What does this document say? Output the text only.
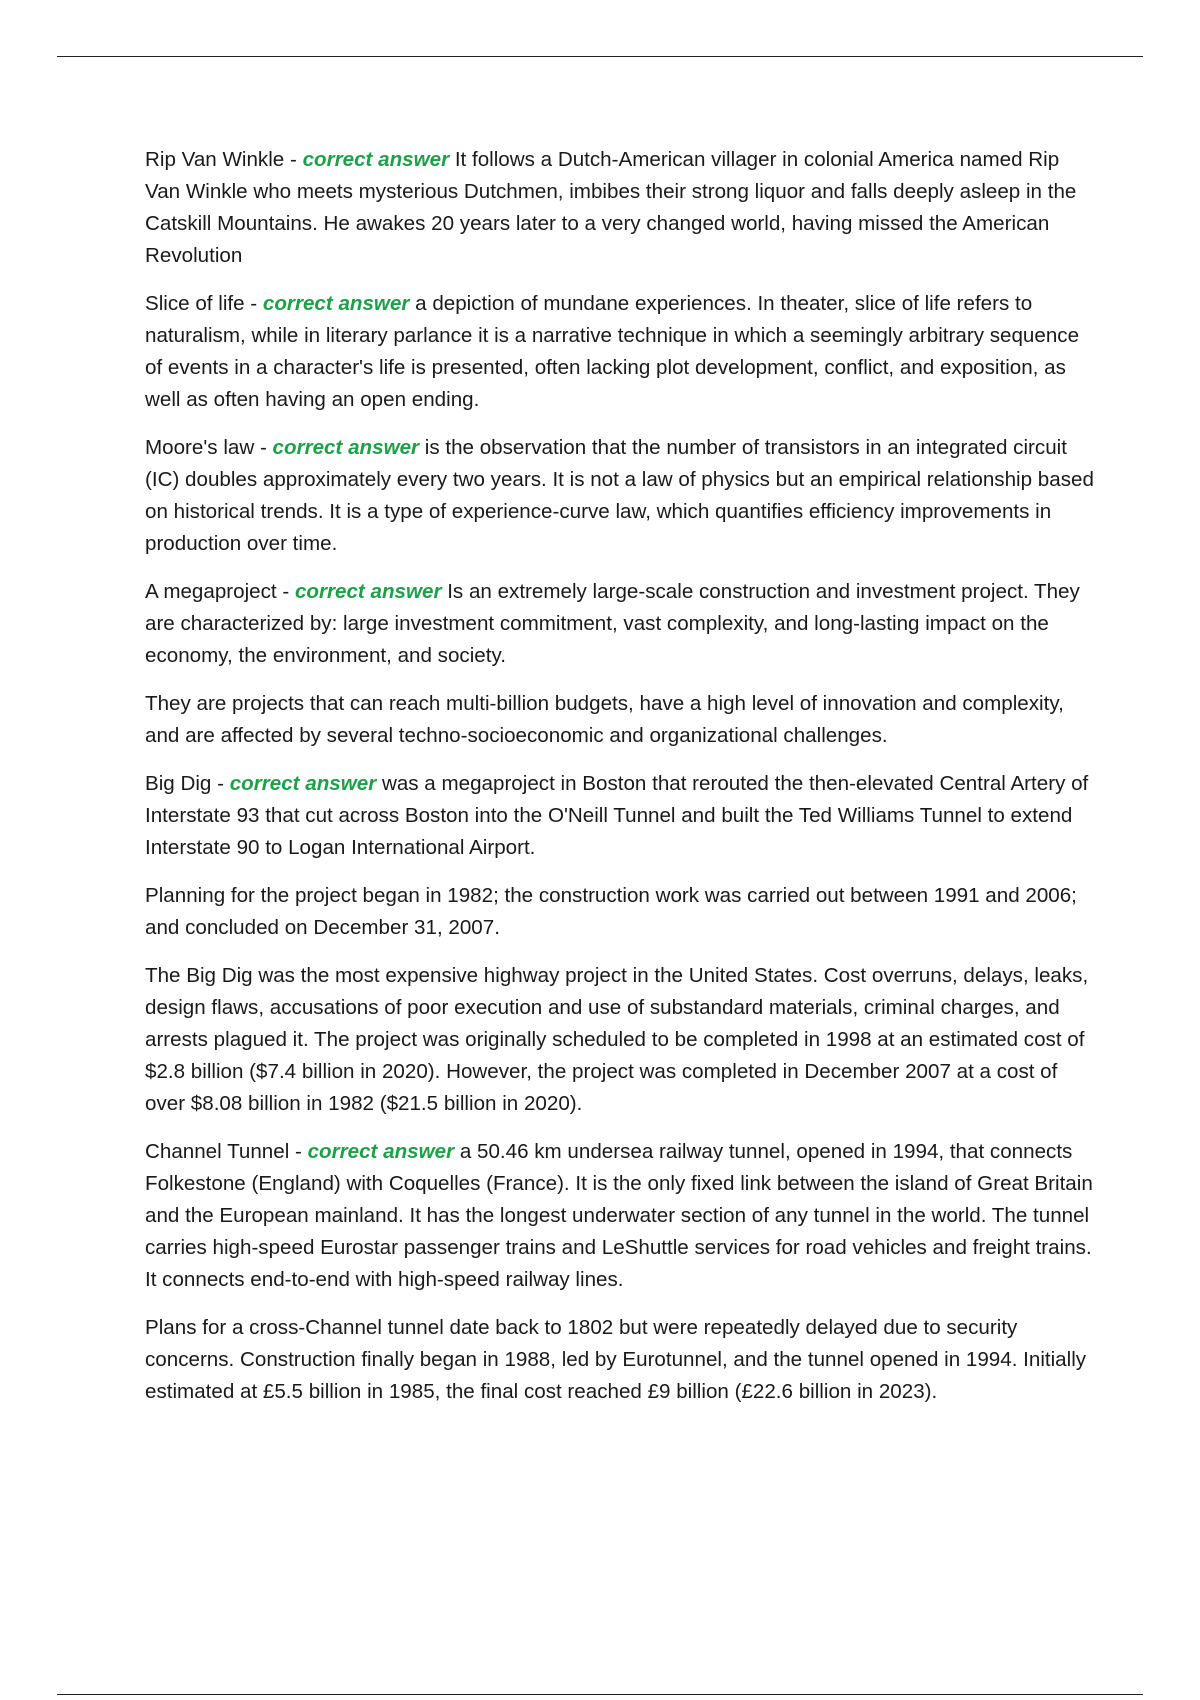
Rip Van Winkle - correct answer It follows a Dutch-American villager in colonial America named Rip Van Winkle who meets mysterious Dutchmen, imbibes their strong liquor and falls deeply asleep in the Catskill Mountains. He awakes 20 years later to a very changed world, having missed the American Revolution

Slice of life - correct answer a depiction of mundane experiences. In theater, slice of life refers to naturalism, while in literary parlance it is a narrative technique in which a seemingly arbitrary sequence of events in a character's life is presented, often lacking plot development, conflict, and exposition, as well as often having an open ending.

Moore's law - correct answer is the observation that the number of transistors in an integrated circuit (IC) doubles approximately every two years. It is not a law of physics but an empirical relationship based on historical trends. It is a type of experience-curve law, which quantifies efficiency improvements in production over time.

A megaproject - correct answer Is an extremely large-scale construction and investment project. They are characterized by: large investment commitment, vast complexity, and long-lasting impact on the economy, the environment, and society.

They are projects that can reach multi-billion budgets, have a high level of innovation and complexity, and are affected by several techno-socioeconomic and organizational challenges.

Big Dig - correct answer was a megaproject in Boston that rerouted the then-elevated Central Artery of Interstate 93 that cut across Boston into the O'Neill Tunnel and built the Ted Williams Tunnel to extend Interstate 90 to Logan International Airport.

Planning for the project began in 1982; the construction work was carried out between 1991 and 2006; and concluded on December 31, 2007.

The Big Dig was the most expensive highway project in the United States. Cost overruns, delays, leaks, design flaws, accusations of poor execution and use of substandard materials, criminal charges, and arrests plagued it. The project was originally scheduled to be completed in 1998 at an estimated cost of $2.8 billion ($7.4 billion in 2020). However, the project was completed in December 2007 at a cost of over $8.08 billion in 1982 ($21.5 billion in 2020).

Channel Tunnel - correct answer a 50.46 km undersea railway tunnel, opened in 1994, that connects Folkestone (England) with Coquelles (France). It is the only fixed link between the island of Great Britain and the European mainland. It has the longest underwater section of any tunnel in the world. The tunnel carries high-speed Eurostar passenger trains and LeShuttle services for road vehicles and freight trains. It connects end-to-end with high-speed railway lines.

Plans for a cross-Channel tunnel date back to 1802 but were repeatedly delayed due to security concerns. Construction finally began in 1988, led by Eurotunnel, and the tunnel opened in 1994. Initially estimated at £5.5 billion in 1985, the final cost reached £9 billion (£22.6 billion in 2023).
